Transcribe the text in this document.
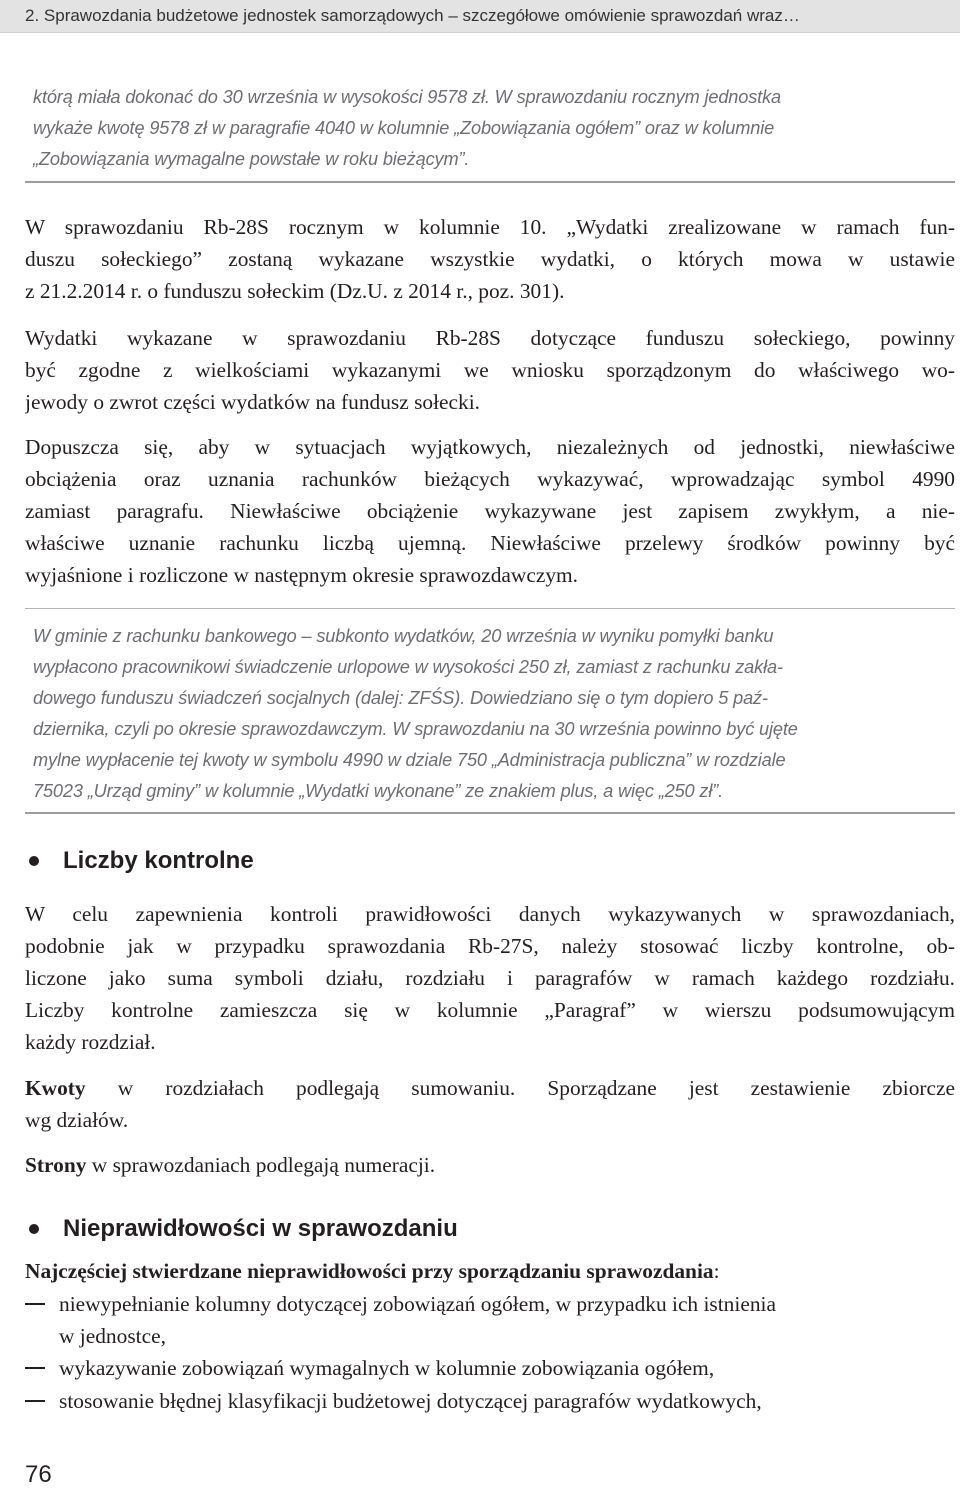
2. Sprawozdania budżetowe jednostek samorządowych – szczegółowe omówienie sprawozdań wraz…

którą miała dokonać do 30 września w wysokości 9578 zł. W sprawozdaniu rocznym jednostka

wykaże kwotę 9578 zł w paragrafie 4040 w kolumnie „Zobowiązania ogółem” oraz w kolumnie

„Zobowiązania wymagalne powstałe w roku bieżącym”.

W sprawozdaniu Rb-28S rocznym w kolumnie 10. „Wydatki zrealizowane w ramach fun-
duszu sołeckiego” zostaną wykazane wszystkie wydatki, o których mowa w ustawie
z 21.2.2014 r. o funduszu sołeckim (Dz.U. z 2014 r., poz. 301).
Wydatki wykazane w sprawozdaniu Rb-28S dotyczące funduszu sołeckiego, powinny
być zgodne z wielkościami wykazanymi we wniosku sporządzonym do właściwego wo-
jewody o zwrot części wydatków na fundusz sołecki.
Dopuszcza się, aby w sytuacjach wyjątkowych, niezależnych od jednostki, niewłaściwe
obciążenia oraz uznania rachunków bieżących wykazywać, wprowadzając symbol 4990
zamiast paragrafu. Niewłaściwe obciążenie wykazywane jest zapisem zwykłym, a nie-
właściwe uznanie rachunku liczbą ujemną. Niewłaściwe przelewy środków powinny być
wyjaśnione i rozliczone w następnym okresie sprawozdawczym.

W gminie z rachunku bankowego – subkonto wydatków, 20 września w wyniku pomyłki banku

wypłacono pracownikowi świadczenie urlopowe w wysokości 250 zł, zamiast z rachunku zakła-

dowego funduszu świadczeń socjalnych (dalej: ZFŚS). Dowiedziano się o tym dopiero 5 paź-

dziernika, czyli po okresie sprawozdawczym. W sprawozdaniu na 30 września powinno być ujęte

mylne wypłacenie tej kwoty w symbolu 4990 w dziale 750 „Administracja publiczna” w rozdziale

75023 „Urząd gminy” w kolumnie „Wydatki wykonane” ze znakiem plus, a więc „250 zł”.

Liczby kontrolne
W celu zapewnienia kontroli prawidłowości danych wykazywanych w sprawozdaniach,
podobnie jak w przypadku sprawozdania Rb-27S, należy stosować liczby kontrolne, ob-
liczone jako suma symboli działu, rozdziału i paragrafów w ramach każdego rozdziału.
Liczby kontrolne zamieszcza się w kolumnie „Paragraf” w wierszu podsumowującym
każdy rozdział.
Kwoty w rozdziałach podlegają sumowaniu. Sporządzane jest zestawienie zbiorcze
wg działów.
Strony w sprawozdaniach podlegają numeracji.
Nieprawidłowości w sprawozdaniu
Najczęściej stwierdzane nieprawidłowości przy sporządzaniu sprawozdania:
niewypełnianie kolumny dotyczącej zobowiązań ogółem, w przypadku ich istnienia
w jednostce,
wykazywanie zobowiązań wymagalnych w kolumnie zobowiązania ogółem,
stosowanie błędnej klasyfikacji budżetowej dotyczącej paragrafów wydatkowych,
76
